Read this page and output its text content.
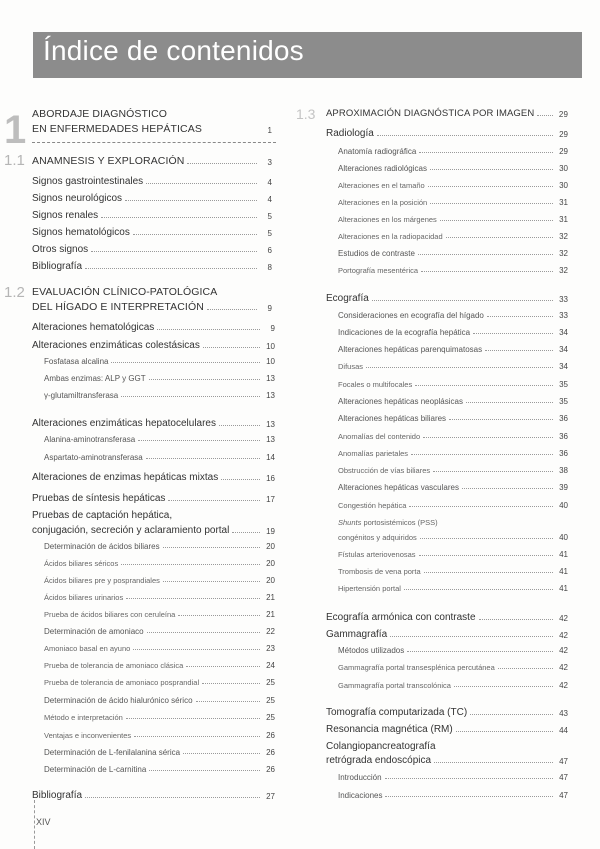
Índice de contenidos
1 ABORDAJE DIAGNÓSTICO
EN ENFERMEDADES HEPÁTICAS	1
1.1 ANAMNESIS Y EXPLORACIÓN	3
Signos gastrointestinales	4
Signos neurológicos	4
Signos renales	5
Signos hematológicos	5
Otros signos	6
Bibliografía	8
1.2 EVALUACIÓN CLÍNICO-PATOLÓGICA
DEL HÍGADO E INTERPRETACIÓN	9
Alteraciones hematológicas	9
Alteraciones enzimáticas colestásicas	10
Fosfatasa alcalina	10
Ambas enzimas: ALP y GGT	13
γ-glutamiltransferasa	13
Alteraciones enzimáticas hepatocelulares	13
Alanina-aminotransferasa	13
Aspartato-aminotransferasa	14
Alteraciones de enzimas hepáticas mixtas	16
Pruebas de síntesis hepáticas	17
Pruebas de captación hepática,
conjugación, secreción y aclaramiento portal	19
Determinación de ácidos biliares	20
Ácidos biliares séricos	20
Ácidos biliares pre y posprandiales	20
Ácidos biliares urinarios	21
Prueba de ácidos biliares con ceruleína	21
Determinación de amoniaco	22
Amoniaco basal en ayuno	23
Prueba de tolerancia de amoniaco clásica	24
Prueba de tolerancia de amoniaco posprandial	25
Determinación de ácido hialurónico sérico	25
Método e interpretación	25
Ventajas e inconvenientes	26
Determinación de L-fenilalanina sérica	26
Determinación de L-carnitina	26
Bibliografía	27
1.3 APROXIMACIÓN DIAGNÓSTICA POR IMAGEN	29
Radiología	29
Anatomía radiográfica	29
Alteraciones radiológicas	30
Alteraciones en el tamaño	30
Alteraciones en la posición	31
Alteraciones en los márgenes	31
Alteraciones en la radiopacidad	32
Estudios de contraste	32
Portografía mesentérica	32
Ecografía	33
Consideraciones en ecografía del hígado	33
Indicaciones de la ecografía hepática	34
Alteraciones hepáticas parenquimatosas	34
Difusas	34
Focales o multifocales	35
Alteraciones hepáticas neoplásicas	35
Alteraciones hepáticas biliares	36
Anomalías del contenido	36
Anomalías parietales	36
Obstrucción de vías biliares	38
Alteraciones hepáticas vasculares	39
Congestión hepática	40
Shunts portosistémicos (PSS)
congénitos y adquiridos	40
Fístulas arteriovenosas	41
Trombosis de vena porta	41
Hipertensión portal	41
Ecografía armónica con contraste	42
Gammagrafía	42
Métodos utilizados	42
Gammagrafía portal transesplénica percutánea	42
Gammagrafía portal transcolónica	42
Tomografía computarizada (TC)	43
Resonancia magnética (RM)	44
Colangiopancreatografía
retrógrada endoscópica	47
Introducción	47
Indicaciones	47
XIV
